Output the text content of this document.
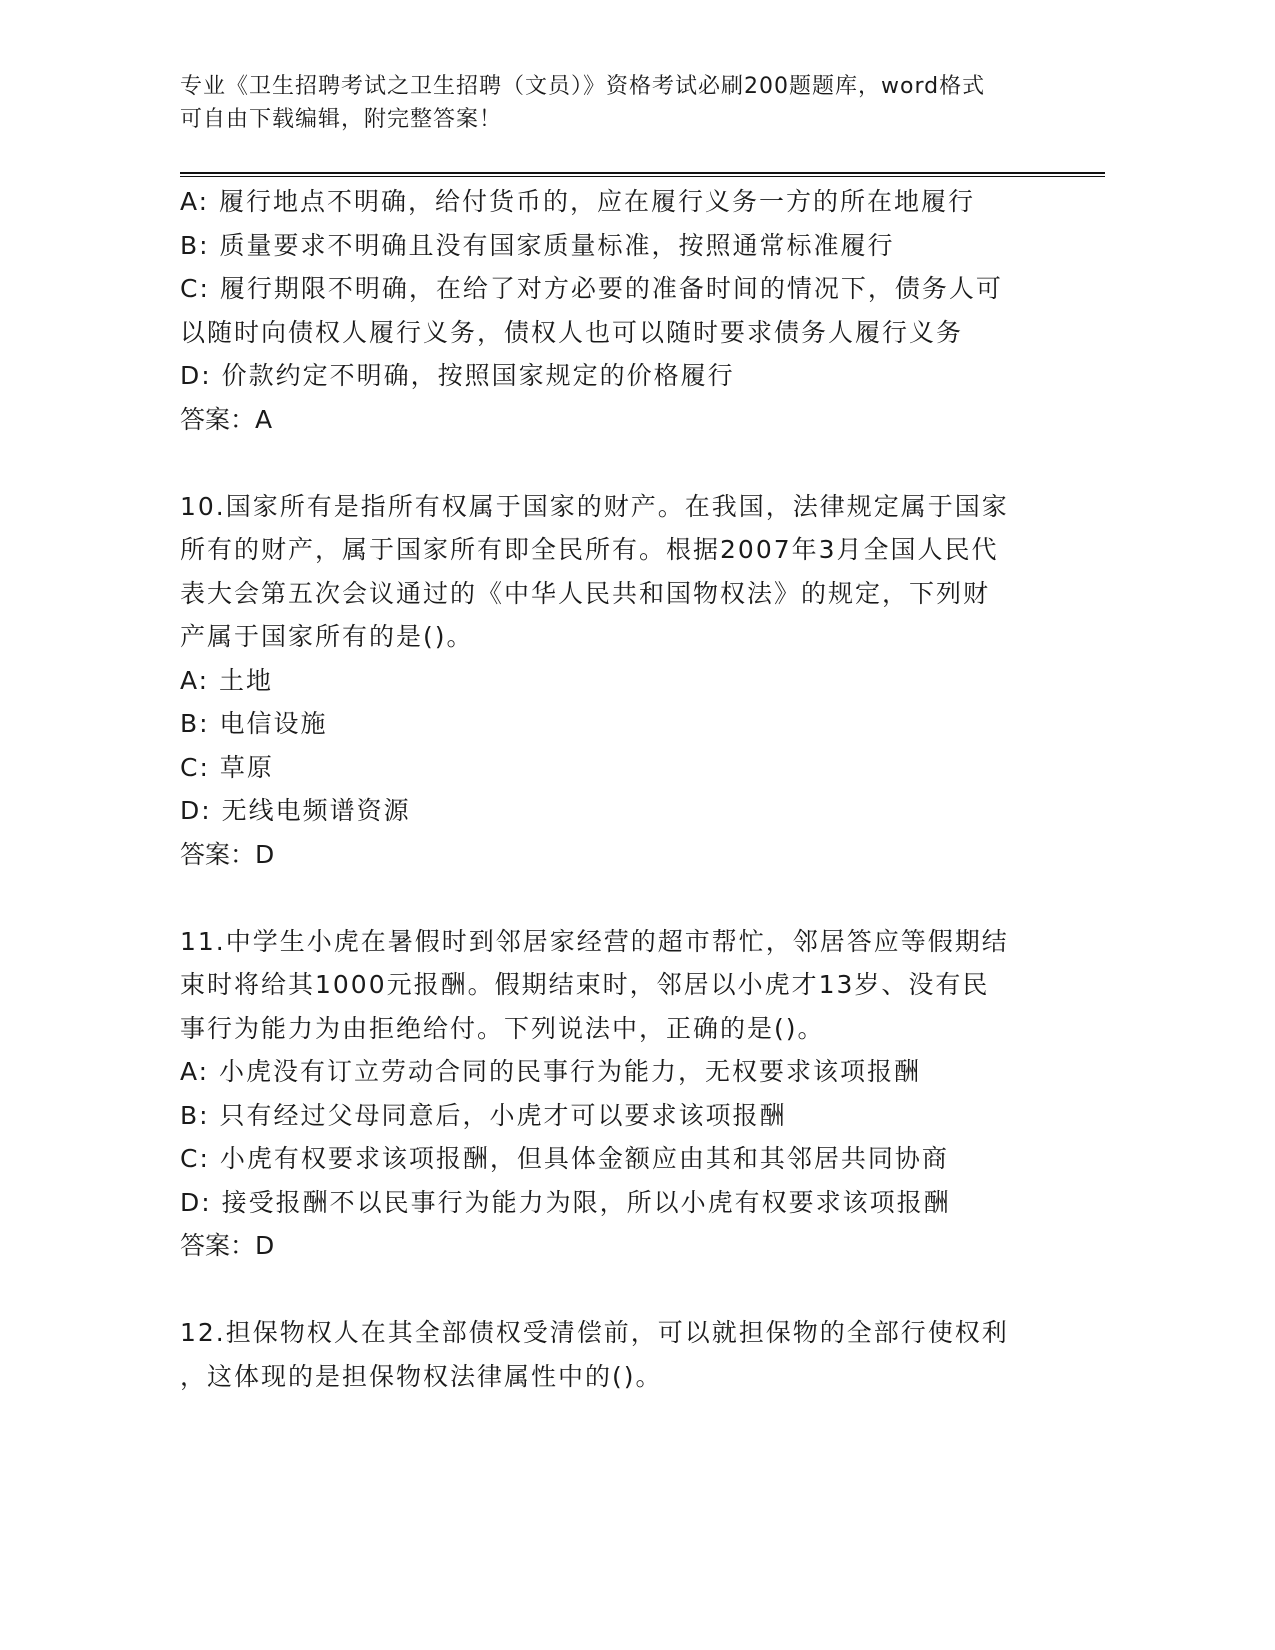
专业《卫生招聘考试之卫生招聘（文员）》资格考试必刷200题题库，word格式
可自由下载编辑，附完整答案！
A: 履行地点不明确，给付货币的，应在履行义务一方的所在地履行
B: 质量要求不明确且没有国家质量标准，按照通常标准履行
C: 履行期限不明确，在给了对方必要的准备时间的情况下，债务人可
以随时向债权人履行义务，债权人也可以随时要求债务人履行义务
D: 价款约定不明确，按照国家规定的价格履行
答案：A
10.国家所有是指所有权属于国家的财产。在我国，法律规定属于国家
所有的财产，属于国家所有即全民所有。根据2007年3月全国人民代
表大会第五次会议通过的《中华人民共和国物权法》的规定，下列财
产属于国家所有的是()。
A: 土地
B: 电信设施
C: 草原
D: 无线电频谱资源
答案：D
11.中学生小虎在暑假时到邻居家经营的超市帮忙，邻居答应等假期结
束时将给其1000元报酬。假期结束时，邻居以小虎才13岁、没有民
事行为能力为由拒绝给付。下列说法中，正确的是()。
A: 小虎没有订立劳动合同的民事行为能力，无权要求该项报酬
B: 只有经过父母同意后，小虎才可以要求该项报酬
C: 小虎有权要求该项报酬，但具体金额应由其和其邻居共同协商
D: 接受报酬不以民事行为能力为限，所以小虎有权要求该项报酬
答案：D
12.担保物权人在其全部债权受清偿前，可以就担保物的全部行使权利
，这体现的是担保物权法律属性中的()。
